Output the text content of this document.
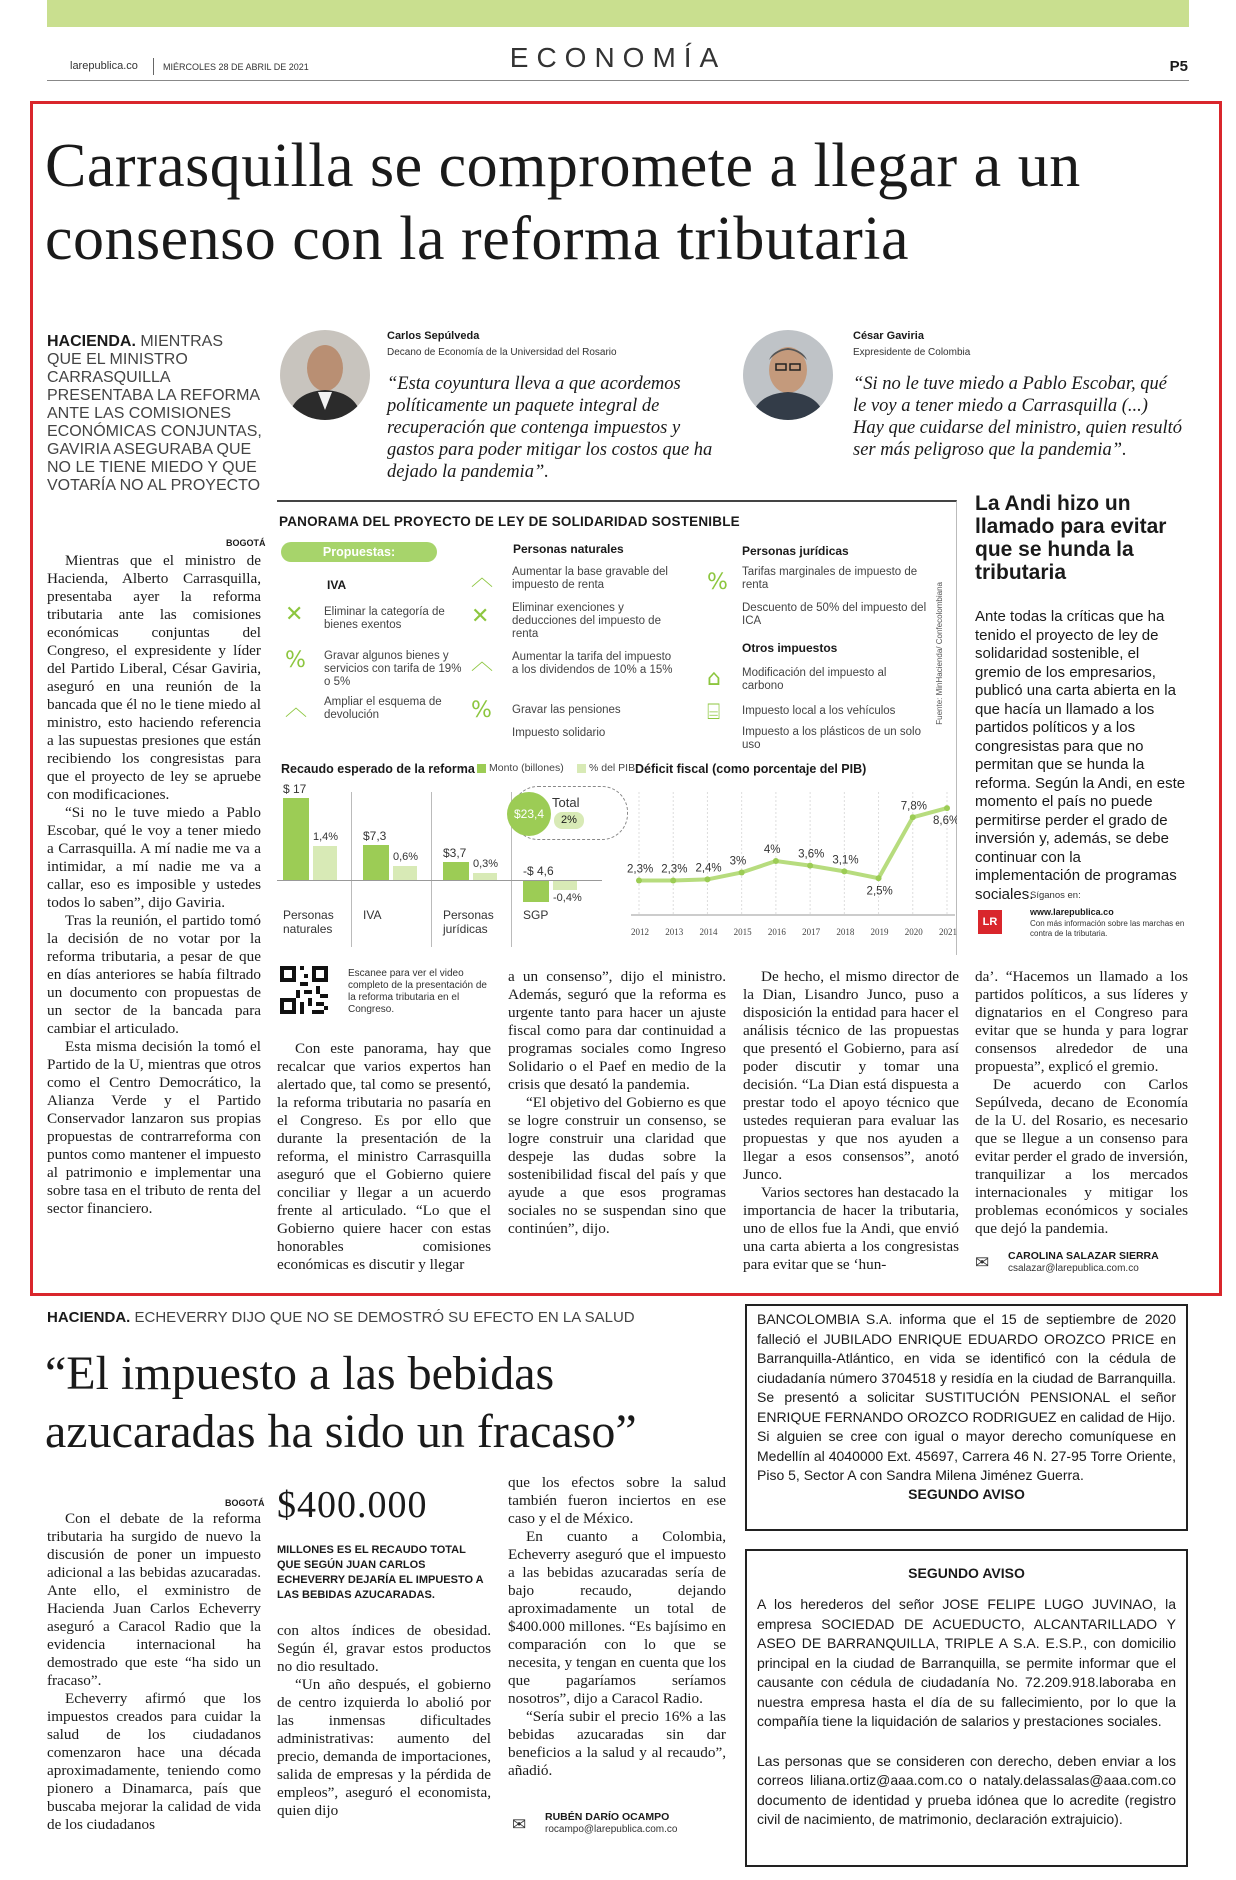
larepublica.co	MIÉRCOLES 28 DE ABRIL DE 2021	ECONOMÍA	P5
Carrasquilla se compromete a llegar a un consenso con la reforma tributaria
HACIENDA. MIENTRAS QUE EL MINISTRO CARRASQUILLA PRESENTABA LA REFORMA ANTE LAS COMISIONES ECONÓMICAS CONJUNTAS, GAVIRIA ASEGURABA QUE NO LE TIENE MIEDO Y QUE VOTARÍA NO AL PROYECTO
Carlos Sepúlveda
Decano de Economía de la Universidad del Rosario
“Esta coyuntura lleva a que acordemos políticamente un paquete integral de recuperación que contenga impuestos y gastos para poder mitigar los costos que ha dejado la pandemia”.
César Gaviria
Expresidente de Colombia
“Si no le tuve miedo a Pablo Escobar, qué le voy a tener miedo a Carrasquilla (...) Hay que cuidarse del ministro, quien resultó ser más peligroso que la pandemia”.
BOGOTÁ

Mientras que el ministro de Hacienda, Alberto Carrasquilla, presentaba ayer la reforma tributaria ante las comisiones económicas conjuntas del Congreso, el expresidente y líder del Partido Liberal, César Gaviria, aseguró en una reunión de la bancada que él no le tiene miedo al ministro, esto haciendo referencia a las supuestas presiones que están recibiendo los congresistas para que el proyecto de ley se apruebe con modificaciones.

“Si no le tuve miedo a Pablo Escobar, qué le voy a tener miedo a Carrasquilla. A mí nadie me va a intimidar, a mí nadie me va a callar, eso es imposible y ustedes todos lo saben”, dijo Gaviria.

Tras la reunión, el partido tomó la decisión de no votar por la reforma tributaria, a pesar de que en días anteriores se había filtrado un documento con propuestas de un sector de la bancada para cambiar el articulado.

Esta misma decisión la tomó el Partido de la U, mientras que otros como el Centro Democrático, la Alianza Verde y el Partido Conservador lanzaron sus propias propuestas de contrarreforma con puntos como mantener el impuesto al patrimonio e implementar una sobre tasa en el tributo de renta del sector financiero.

PANORAMA DEL PROYECTO DE LEY DE SOLIDARIDAD SOSTENIBLE
Propuestas:
IVA
✕ Eliminar la categoría de bienes exentos
% Gravar algunos bienes y servicios con tarifa de 19% o 5%
︿ Ampliar el esquema de devolución
Personas naturales
︿ Aumentar la base gravable del impuesto de renta
✕ Eliminar exenciones y deducciones del impuesto de renta
︿ Aumentar la tarifa del impuesto a los dividendos de 10% a 15%
% Gravar las pensiones
Impuesto solidario
Personas jurídicas
% Tarifas marginales de impuesto de renta
Descuento de 50% del impuesto del ICA
Otros impuestos
⌂ Modificación del impuesto al carbono
⌸ Impuesto local a los vehículos
Impuesto a los plásticos de un solo uso
Fuente: MinHacienda/ Confecolombiana
Recaudo esperado de la reforma Monto (billones) % del PIB
$ 17
1,4%
Personas naturales
$7,3
0,6%
IVA
$3,7
0,3%
Personas jurídicas
-$ 4,6
-0,4%
SGP
$23,4
Total
2%
Déficit fiscal (como porcentaje del PIB)
2,3%
2012
2,3%
2013
2,4%
2014
3%
2015
4%
2016
3,6%
2017
3,1%
2018
2,5%
2019
7,8%
2020
8,6%
2021
La Andi hizo un llamado para evitar que se hunda la tributaria
Ante todas la críticas que ha tenido el proyecto de ley de solidaridad sostenible, el gremio de los empresarios, publicó una carta abierta en la que hacía un llamado a los partidos políticos y a los congresistas para que no permitan que se hunda la reforma. Según la Andi, en este momento el país no puede permitirse perder el grado de inversión y, además, se debe continuar con la implementación de programas sociales.
Síganos en:
LR
www.larepublica.co
Con más información sobre las marchas en contra de la tributaria.
Escanee para ver el video completo de la presentación de la reforma tributaria en el Congreso.

Con este panorama, hay que recalcar que varios expertos han alertado que, tal como se presentó, la reforma tributaria no pasaría en el Congreso. Es por ello que durante la presentación de la reforma, el ministro Carrasquilla aseguró que el Gobierno quiere conciliar y llegar a un acuerdo frente al articulado. “Lo que el Gobierno quiere hacer con estas honorables comisiones económicas es discutir y llegar

a un consenso”, dijo el ministro. Además, seguró que la reforma es urgente tanto para hacer un ajuste fiscal como para dar continuidad a programas sociales como Ingreso Solidario o el Paef en medio de la crisis que desató la pandemia.

“El objetivo del Gobierno es que se logre construir un consenso, se logre construir una claridad que despeje las dudas sobre la sostenibilidad fiscal del país y que ayude a que esos programas sociales no se suspendan sino que continúen”, dijo.

De hecho, el mismo director de la Dian, Lisandro Junco, puso a disposición la entidad para hacer el análisis técnico de las propuestas que presentó el Gobierno, para así poder discutir y tomar una decisión. “La Dian está dispuesta a prestar todo el apoyo técnico que ustedes requieran para evaluar las propuestas y que nos ayuden a llegar a esos consensos”, anotó Junco.

Varios sectores han destacado la importancia de hacer la tributaria, uno de ellos fue la Andi, que envió una carta abierta a los congresistas para evitar que se ‘hun-

da’. “Hacemos un llamado a los partidos políticos, a sus líderes y dignatarios en el Congreso para evitar que se hunda y para lograr consensos alrededor de una propuesta”, explicó el gremio.

De acuerdo con Carlos Sepúlveda, decano de Economía de la U. del Rosario, es necesario que se llegue a un consenso para evitar perder el grado de inversión, tranquilizar a los mercados internacionales y mitigar los problemas económicos y sociales que dejó la pandemia.

✉ CAROLINA SALAZAR SIERRA
csalazar@larepublica.com.co
HACIENDA. ECHEVERRY DIJO QUE NO SE DEMOSTRÓ SU EFECTO EN LA SALUD
“El impuesto a las bebidas azucaradas ha sido un fracaso”
BOGOTÁ

Con el debate de la reforma tributaria ha surgido de nuevo la discusión de poner un impuesto adicional a las bebidas azucaradas. Ante ello, el exministro de Hacienda Juan Carlos Echeverry aseguró a Caracol Radio que la evidencia internacional ha demostrado que este “ha sido un fracaso”.

Echeverry afirmó que los impuestos creados para cuidar la salud de los ciudadanos comenzaron hace una década aproximadamente, teniendo como pionero a Dinamarca, país que buscaba mejorar la calidad de vida de los ciudadanos

$400.000
MILLONES ES EL RECAUDO TOTAL QUE SEGÚN JUAN CARLOS ECHEVERRY DEJARÍA EL IMPUESTO A LAS BEBIDAS AZUCARADAS.

con altos índices de obesidad. Según él, gravar estos productos no dio resultado.

“Un año después, el gobierno de centro izquierda lo abolió por las inmensas dificultades administrativas: aumento del precio, demanda de importaciones, salida de empresas y la pérdida de empleos”, aseguró el economista, quien dijo

que los efectos sobre la salud también fueron inciertos en ese caso y el de México.

En cuanto a Colombia, Echeverry aseguró que el impuesto a las bebidas azucaradas sería de bajo recaudo, dejando aproximadamente un total de $400.000 millones. “Es bajísimo en comparación con lo que se necesita, y tengan en cuenta que los que pagaríamos seríamos nosotros”, dijo a Caracol Radio.

“Sería subir el precio 16% a las bebidas azucaradas sin dar beneficios a la salud y al recaudo”, añadió.

✉ RUBÉN DARÍO OCAMPO
rocampo@larepublica.com.co
BANCOLOMBIA S.A. informa que el 15 de septiembre de 2020 falleció el JUBILADO ENRIQUE EDUARDO OROZCO PRICE en Barranquilla-Atlántico, en vida se identificó con la cédula de ciudadanía número 3704518 y residía en la ciudad de Barranquilla. Se presentó a solicitar SUSTITUCIÓN PENSIONAL el señor ENRIQUE FERNANDO OROZCO RODRIGUEZ en calidad de Hijo.
Si alguien se cree con igual o mayor derecho comuníquese en Medellín al 4040000 Ext. 45697, Carrera 46 N. 27-95 Torre Oriente, Piso 5, Sector A con Sandra Milena Jiménez Guerra.
SEGUNDO AVISO
SEGUNDO AVISO
A los herederos del señor JOSE FELIPE LUGO JUVINAO, la empresa SOCIEDAD DE ACUEDUCTO, ALCANTARILLADO Y ASEO DE BARRANQUILLA, TRIPLE A S.A. E.S.P., con domicilio principal en la ciudad de Barranquilla, se permite informar que el causante con cédula de ciudadanía No. 72.209.918.laboraba en nuestra empresa hasta el día de su fallecimiento, por lo que la compañía tiene la liquidación de salarios y prestaciones sociales.
Las personas que se consideren con derecho, deben enviar a los correos liliana.ortiz@aaa.com.co o nataly.delassalas@aaa.com.co documento de identidad y prueba idónea que lo acredite (registro civil de nacimiento, de matrimonio, declaración extrajuicio).
